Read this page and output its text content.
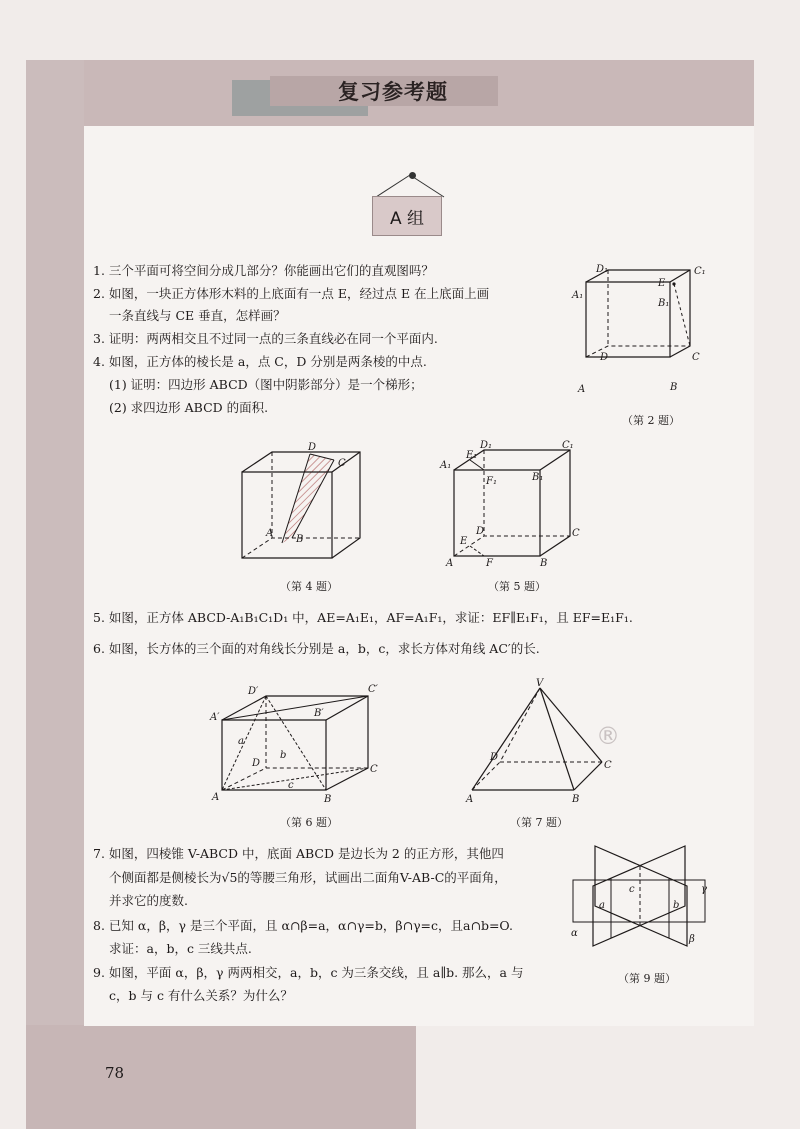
复习参考题
A 组
1. 三个平面可将空间分成几部分？你能画出它们的直观图吗？
2. 如图，一块正方体形木料的上底面有一点 E，经过点 E 在上底面上画
一条直线与 CE 垂直，怎样画？
3. 证明：两两相交且不过同一点的三条直线必在同一个平面内.
4. 如图，正方体的棱长是 a，点 C，D 分别是两条棱的中点.
(1) 证明：四边形 ABCD（图中阴影部分）是一个梯形；
(2) 求四边形 ABCD 的面积.
D₁	C₁
A₁
E
B₁
D	C
A	B
（第 2 题）
D
C
A
B
（第 4 题）
D₁	C₁
A₁
E₁
F₁	B₁
D	C
E
A	F	B
（第 5 题）
5. 如图，正方体 ABCD-A₁B₁C₁D₁ 中，AE=A₁E₁，AF=A₁F₁，求证：EF∥E₁F₁，且 EF=E₁F₁.
6. 如图，长方体的三个面的对角线长分别是 a，b，c，求长方体对角线 AC′的长.
D′	C′
A′	B′
a
b
c
D
C
A	B
（第 6 题）
V
D
C
A	B
（第 7 题）
®
7. 如图，四棱锥 V-ABCD 中，底面 ABCD 是边长为 2 的正方形，其他四
个侧面都是侧棱长为√5的等腰三角形，试画出二面角V-AB-C的平面角，
并求它的度数.
8. 已知 α，β，γ 是三个平面，且 α∩β=a，α∩γ=b，β∩γ=c，且a∩b=O.
求证：a，b，c 三线共点.
9. 如图，平面 α，β，γ 两两相交，a，b，c 为三条交线，且 a∥b. 那么，a 与
c，b 与 c 有什么关系？为什么？
γ
c
a	b
α
β
（第 9 题）
78
